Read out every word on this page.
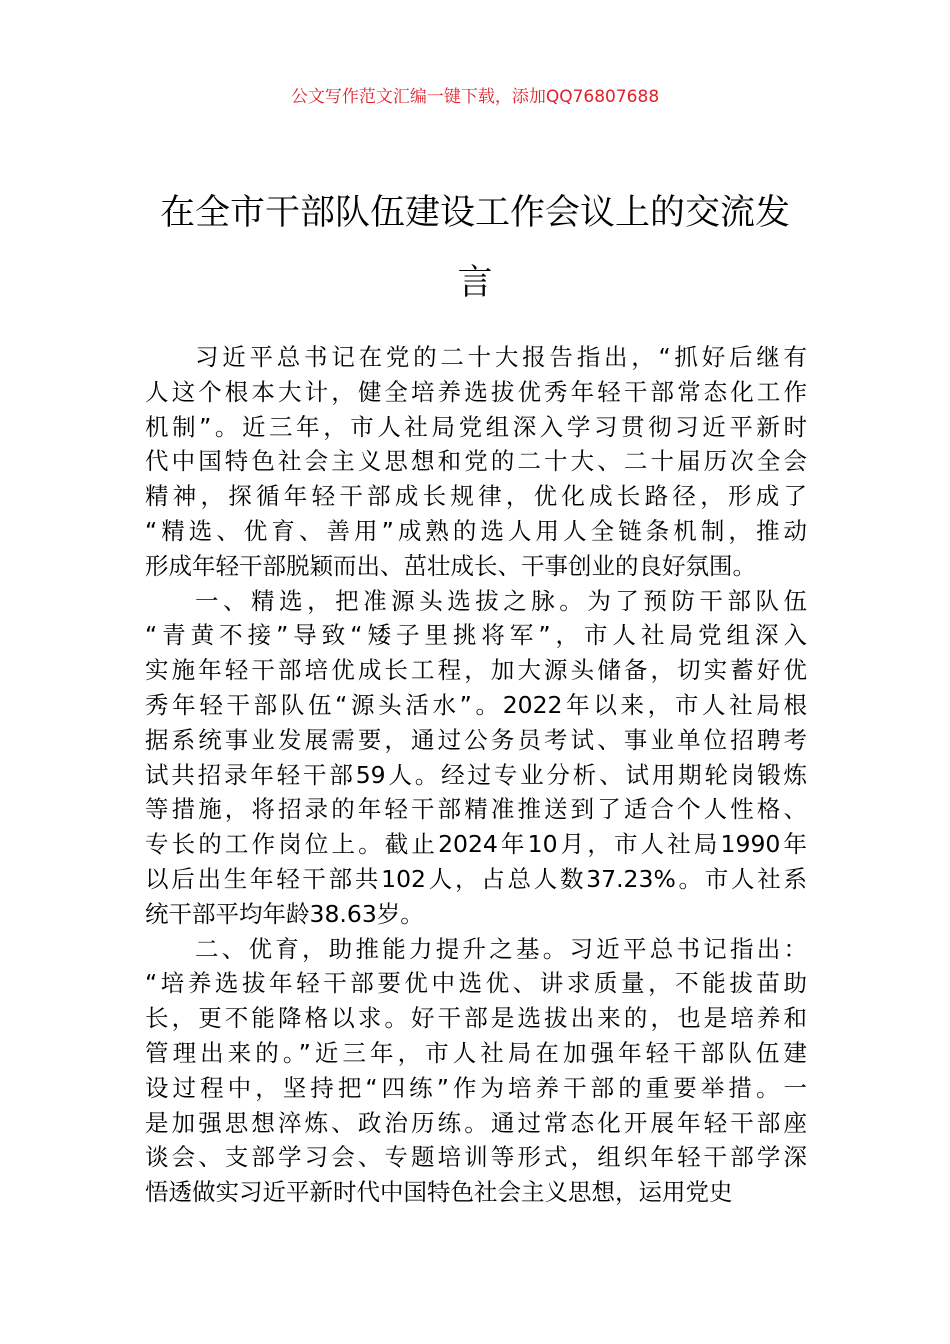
公文写作范文汇编一键下载，添加QQ76807688
在全市干部队伍建设工作会议上的交流发
言
习近平总书记在党的二十大报告指出，“抓好后继有
人这个根本大计，健全培养选拔优秀年轻干部常态化工作
机制”。近三年，市人社局党组深入学习贯彻习近平新时
代中国特色社会主义思想和党的二十大、二十届历次全会
精神，探循年轻干部成长规律，优化成长路径，形成了
“精选、优育、善用”成熟的选人用人全链条机制，推动
形成年轻干部脱颖而出、茁壮成长、干事创业的良好氛围。
一、精选，把准源头选拔之脉。为了预防干部队伍
“青黄不接”导致“矮子里挑将军”，市人社局党组深入
实施年轻干部培优成长工程，加大源头储备，切实蓄好优
秀年轻干部队伍“源头活水”。2022年以来，市人社局根
据系统事业发展需要，通过公务员考试、事业单位招聘考
试共招录年轻干部59人。经过专业分析、试用期轮岗锻炼
等措施，将招录的年轻干部精准推送到了适合个人性格、
专长的工作岗位上。截止2024年10月，市人社局1990年
以后出生年轻干部共102人，占总人数37.23%。市人社系
统干部平均年龄38.63岁。
二、优育，助推能力提升之基。习近平总书记指出：
“培养选拔年轻干部要优中选优、讲求质量，不能拔苗助
长，更不能降格以求。好干部是选拔出来的，也是培养和
管理出来的。”近三年，市人社局在加强年轻干部队伍建
设过程中，坚持把“四练”作为培养干部的重要举措。一
是加强思想淬炼、政治历练。通过常态化开展年轻干部座
谈会、支部学习会、专题培训等形式，组织年轻干部学深
悟透做实习近平新时代中国特色社会主义思想，运用党史
